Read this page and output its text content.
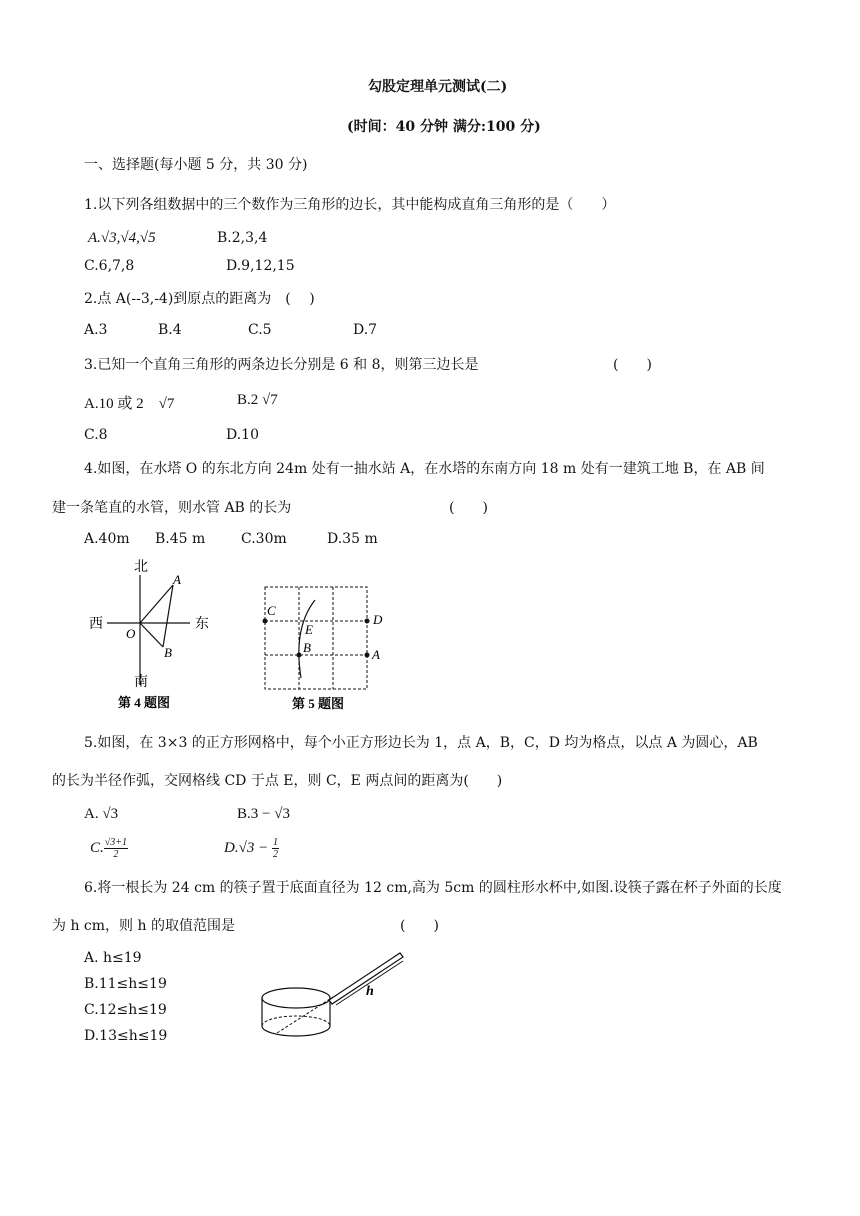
勾股定理单元测试(二)
(时间：40 分钟 满分:100 分)
一、选择题(每小题 5 分，共 30 分)
1.以下列各组数据中的三个数作为三角形的边长，其中能构成直角三角形的是（　　）
A.√3,√4,√5	B.2,3,4
C.6,7,8	D.9,12,15
2.点 A(--3,-4)到原点的距离为　(　 )
A.3	B.4	C.5	D.7
3.已知一个直角三角形的两条边长分别是 6 和 8，则第三边长是	(　　)
A.10 或 2　√7	B.2 √7
C.8	D.10
4.如图，在水塔 O 的东北方向 24m 处有一抽水站 A，在水塔的东南方向 18 m 处有一建筑工地 B，在 AB 间
建一条笔直的水管，则水管 AB 的长为	(　　)
A.40m B.45 m	C.30m	D.35 m
北
南
西	东
O
A
B
第 4 题图
C
D
E
B	A
第 5 题图
5.如图，在 3×3 的正方形网格中，每个小正方形边长为 1，点 A，B，C，D 均为格点，以点 A 为圆心，AB
的长为半径作弧，交网格线 CD 于点 E，则 C，E 两点间的距离为(　　)
A. √3	B.3 − √3
C. $\frac{√3+1}{2}$	$D.√3 - \frac{1}{2}$
6.将一根长为 24 cm 的筷子置于底面直径为 12 cm,高为 5cm 的圆柱形水杯中,如图.设筷子露在杯子外面的长度
为 h cm，则 h 的取值范围是	(　　)
A. h≤19
B.11≤h≤19
C.12≤h≤19
D.13≤h≤19
h
